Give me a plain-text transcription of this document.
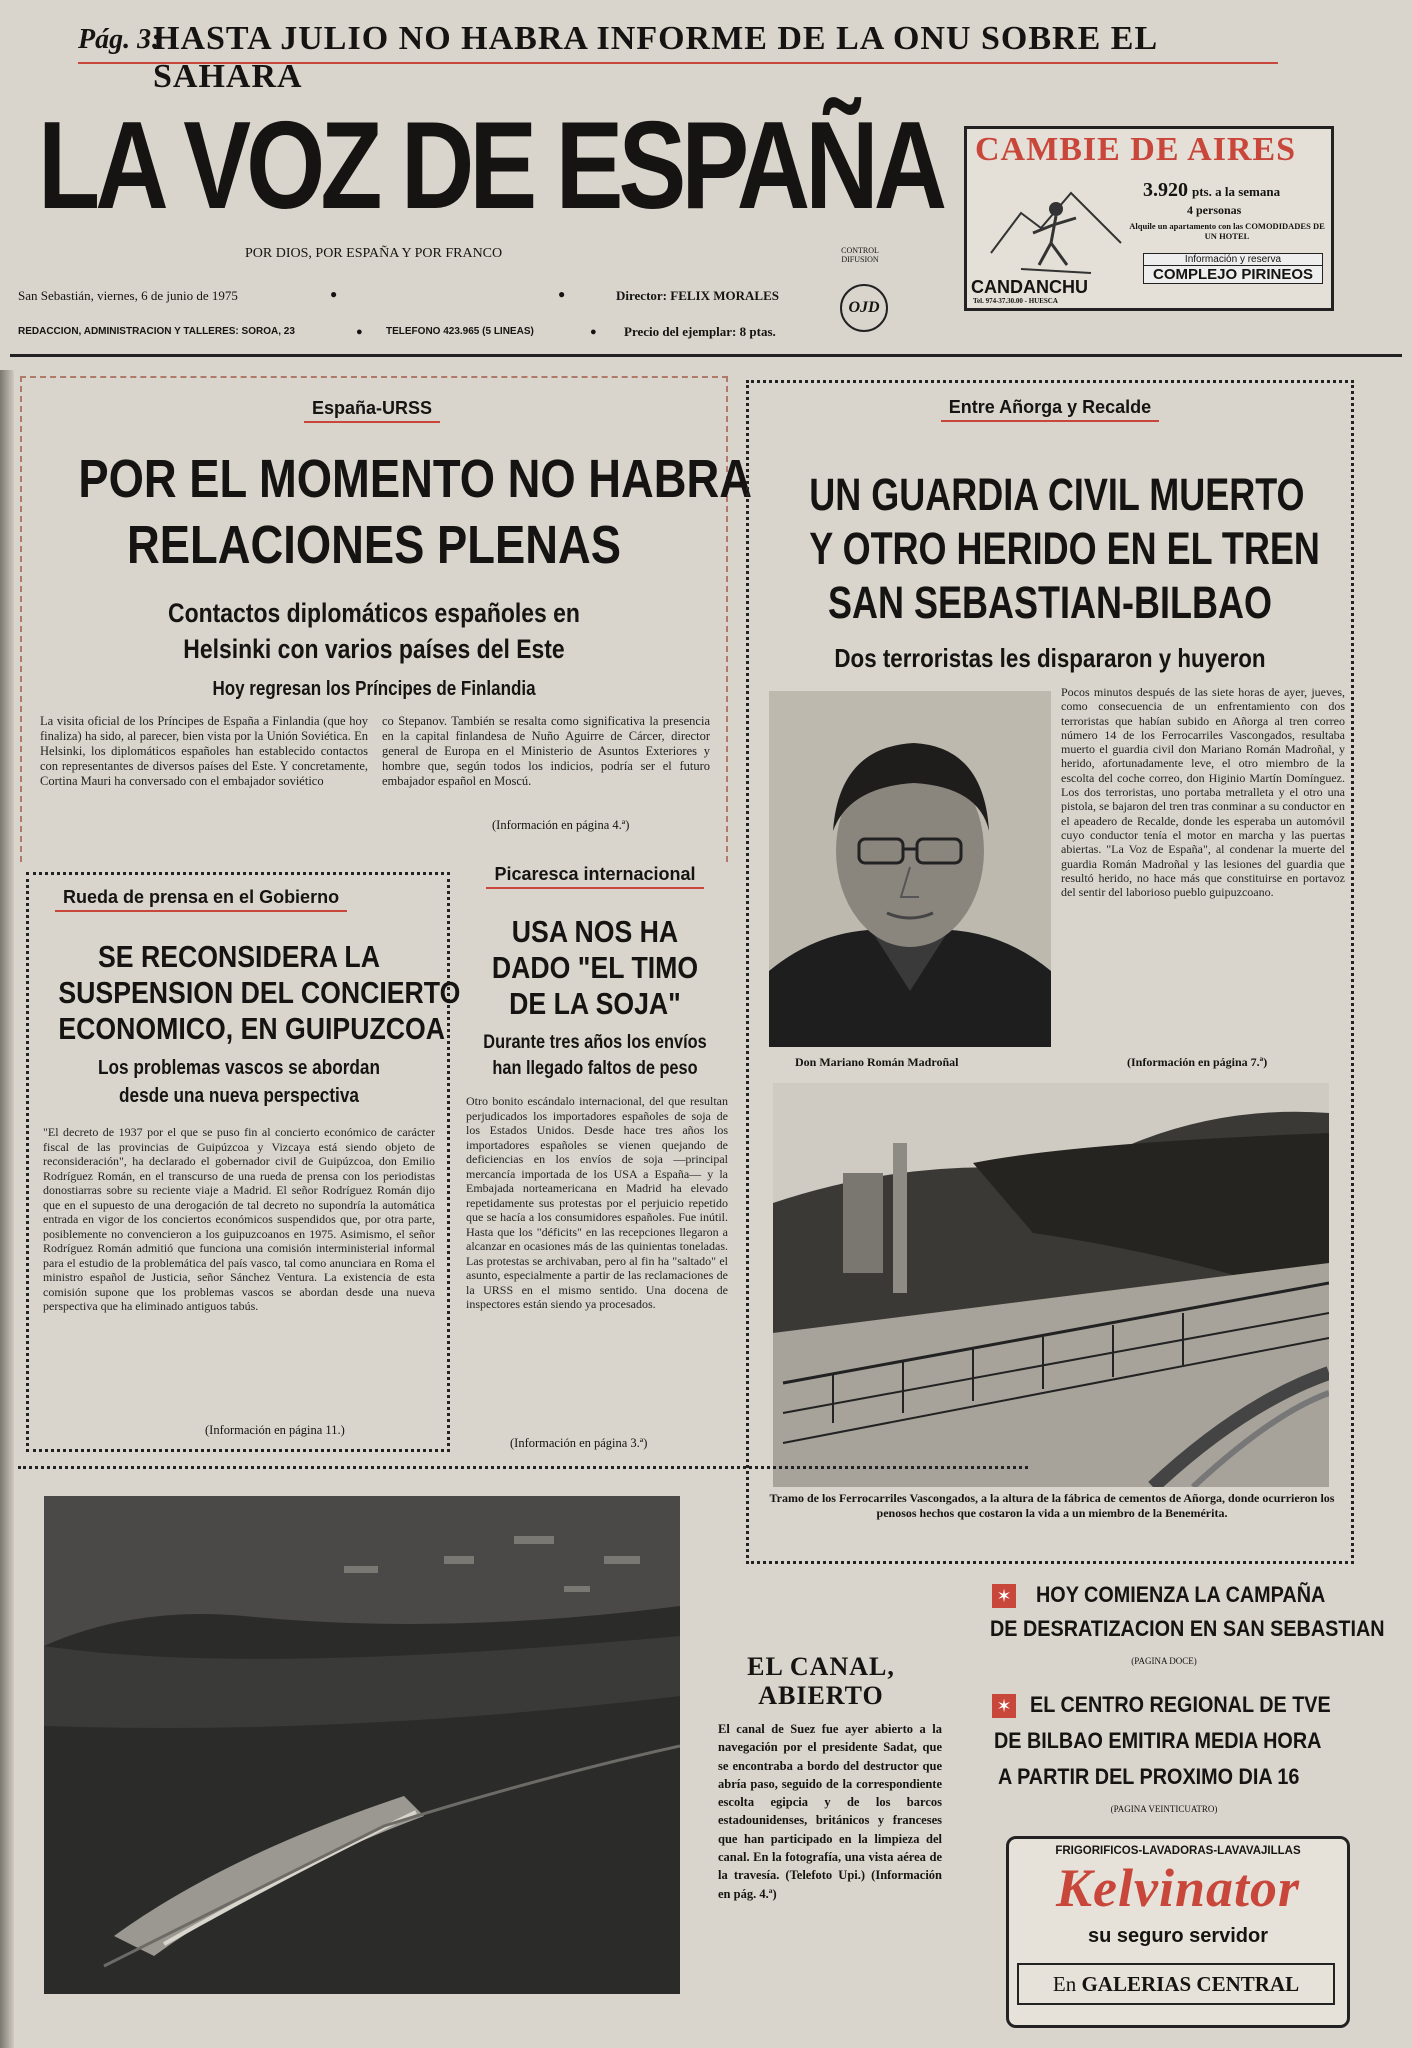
Pág. 3:
HASTA JULIO NO HABRA INFORME DE LA ONU SOBRE EL SAHARA
LA VOZ DE ESPAÑA
POR DIOS, POR ESPAÑA Y POR FRANCO	CONTROL DIFUSION
OJD
San Sebastián, viernes, 6 de junio de 1975	●	●	Director: FELIX MORALES
REDACCION, ADMINISTRACION Y TALLERES: SOROA, 23	● TELEFONO 423.965 (5 LINEAS)	● Precio del ejemplar: 8 ptas.
CAMBIE DE AIRES
3.920 pts. a la semana
4 personas
Alquile un apartamento con las COMODIDADES DE UN HOTEL
CANDANCHU
Tel. 974-37.30.00 - HUESCA
Información y reserva
COMPLEJO PIRINEOS
España-URSS
POR EL MOMENTO NO HABRA
RELACIONES PLENAS
Contactos diplomáticos españoles en
Helsinki con varios países del Este
Hoy regresan los Príncipes de Finlandia
La visita oficial de los Príncipes de España a Finlandia (que hoy finaliza) ha sido, al parecer, bien vista por la Unión Soviética. En Helsinki, los diplomáticos españoles han establecido contactos con representantes de diversos países del Este. Y concretamente, Cortina Mauri ha conversado con el embajador soviético
co Stepanov. También se resalta como significativa la presencia en la capital finlandesa de Nuño Aguirre de Cárcer, director general de Europa en el Ministerio de Asuntos Exteriores y hombre que, según todos los indicios, podría ser el futuro embajador español en Moscú.
(Información en página 4.ª)
Rueda de prensa en el Gobierno
SE RECONSIDERA LA
SUSPENSION DEL CONCIERTO
ECONOMICO, EN GUIPUZCOA
Los problemas vascos se abordan
desde una nueva perspectiva
"El decreto de 1937 por el que se puso fin al concierto económico de carácter fiscal de las provincias de Guipúzcoa y Vizcaya está siendo objeto de reconsideración", ha declarado el gobernador civil de Guipúzcoa, don Emilio Rodríguez Román, en el transcurso de una rueda de prensa con los periodistas donostiarras sobre su reciente viaje a Madrid. El señor Rodríguez Román dijo que en el supuesto de una derogación de tal decreto no supondría la automática entrada en vigor de los conciertos económicos suspendidos que, por otra parte, posiblemente no convencieron a los guipuzcoanos en 1975. Asimismo, el señor Rodríguez Román admitió que funciona una comisión interministerial informal para el estudio de la problemática del país vasco, tal como anunciara en Roma el ministro español de Justicia, señor Sánchez Ventura. La existencia de esta comisión supone que los problemas vascos se abordan desde una nueva perspectiva que ha eliminado antiguos tabús.
(Información en página 11.)
Picaresca internacional
USA NOS HA
DADO "EL TIMO
DE LA SOJA"
Durante tres años los envíos
han llegado faltos de peso
Otro bonito escándalo internacional, del que resultan perjudicados los importadores españoles de soja de los Estados Unidos. Desde hace tres años los importadores españoles se vienen quejando de deficiencias en los envíos de soja —principal mercancía importada de los USA a España— y la Embajada norteamericana en Madrid ha elevado repetidamente sus protestas por el perjuicio repetido que se hacía a los consumidores españoles. Fue inútil. Hasta que los "déficits" en las recepciones llegaron a alcanzar en ocasiones más de las quinientas toneladas. Las protestas se archivaban, pero al fin ha "saltado" el asunto, especialmente a partir de las reclamaciones de la URSS en el mismo sentido. Una docena de inspectores están siendo ya procesados.
(Información en página 3.ª)
Entre Añorga y Recalde
UN GUARDIA CIVIL MUERTO
Y OTRO HERIDO EN EL TREN
SAN SEBASTIAN-BILBAO
Dos terroristas les dispararon y huyeron
Don Mariano Román Madroñal
Pocos minutos después de las siete horas de ayer, jueves, como consecuencia de un enfrentamiento con dos terroristas que habían subido en Añorga al tren correo número 14 de los Ferrocarriles Vascongados, resultaba muerto el guardia civil don Mariano Román Madroñal, y herido, afortunadamente leve, el otro miembro de la escolta del coche correo, don Higinio Martín Domínguez. Los dos terroristas, uno portaba metralleta y el otro una pistola, se bajaron del tren tras conminar a su conductor en el apeadero de Recalde, donde les esperaba un automóvil cuyo conductor tenía el motor en marcha y las puertas abiertas. "La Voz de España", al condenar la muerte del guardia Román Madroñal y las lesiones del guardia que resultó herido, no hace más que constituirse en portavoz del sentir del laborioso pueblo guipuzcoano.
(Información en página 7.ª)
Tramo de los Ferrocarriles Vascongados, a la altura de la fábrica de cementos de Añorga, donde ocurrieron los penosos hechos que costaron la vida a un miembro de la Benemérita.
EL CANAL,
ABIERTO
El canal de Suez fue ayer abierto a la navegación por el presidente Sadat, que se encontraba a bordo del destructor que abría paso, seguido de la correspondiente escolta egipcia y de los barcos estadounidenses, británicos y franceses que han participado en la limpieza del canal. En la fotografía, una vista aérea de la travesía. (Telefoto Upi.) (Información en pág. 4.ª)
✶ HOY COMIENZA LA CAMPAÑA
DE DESRATIZACION EN SAN SEBASTIAN
(PAGINA DOCE)
✶ EL CENTRO REGIONAL DE TVE
DE BILBAO EMITIRA MEDIA HORA
A PARTIR DEL PROXIMO DIA 16
(PAGINA VEINTICUATRO)
FRIGORIFICOS-LAVADORAS-LAVAVAJILLAS
Kelvinator
su seguro servidor
En GALERIAS CENTRAL
